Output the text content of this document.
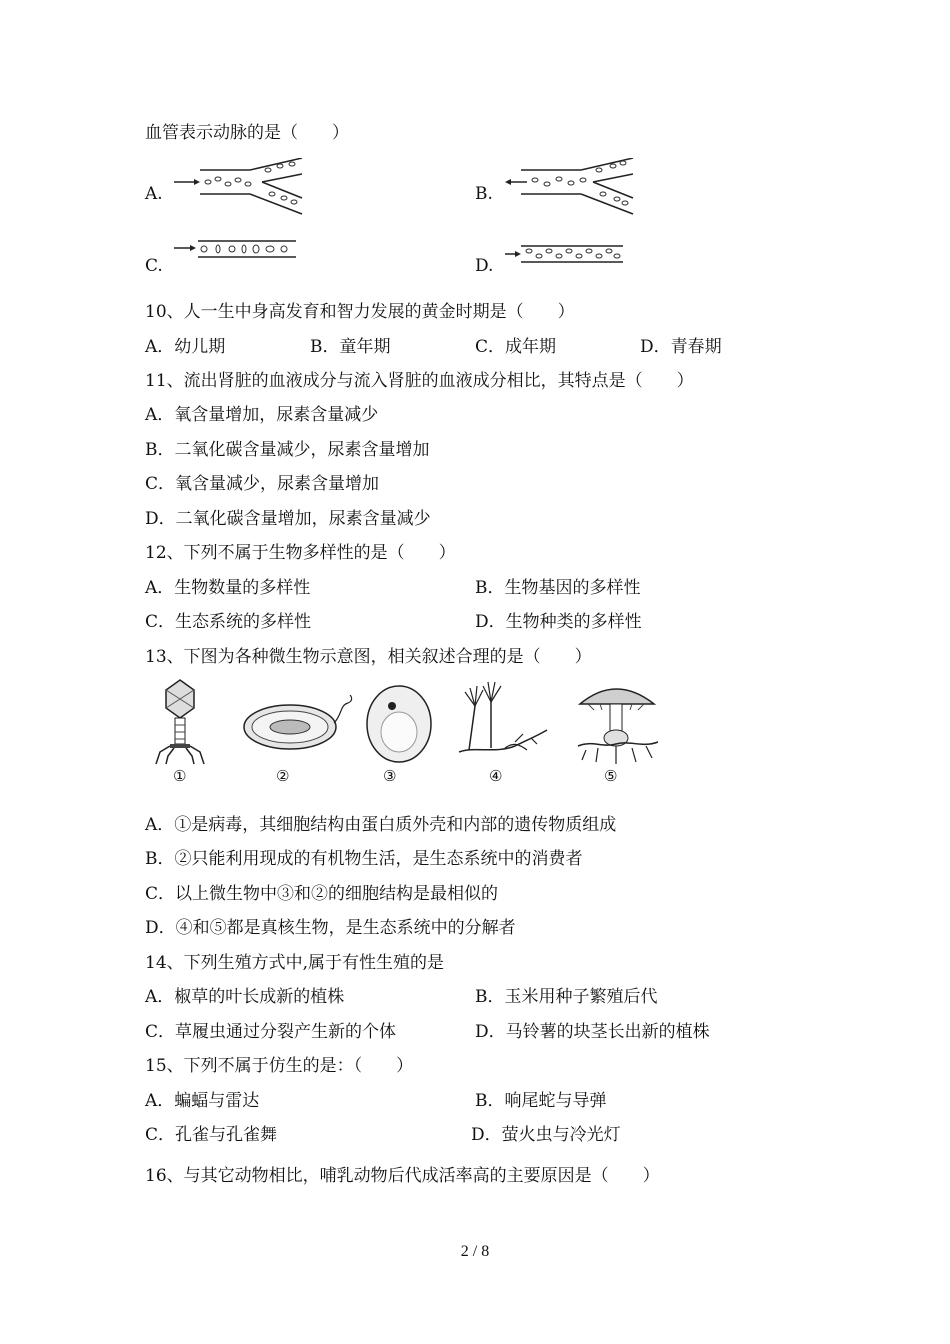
血管表示动脉的是（　　）
A.	B.
C.	D.
10、人一生中身高发育和智力发展的黄金时期是（　　）
A．幼儿期	B．童年期	C．成年期	D．青春期
11、流出肾脏的血液成分与流入肾脏的血液成分相比，其特点是（　　）
A．氧含量增加，尿素含量减少
B．二氧化碳含量减少，尿素含量增加
C．氧含量减少，尿素含量增加
D．二氧化碳含量增加，尿素含量减少
12、下列不属于生物多样性的是（　　）
A．生物数量的多样性	B．生物基因的多样性
C．生态系统的多样性	D．生物种类的多样性
13、下图为各种微生物示意图，相关叙述合理的是（　　）
①	②	③	④	⑤
A．①是病毒，其细胞结构由蛋白质外壳和内部的遗传物质组成
B．②只能利用现成的有机物生活，是生态系统中的消费者
C．以上微生物中③和②的细胞结构是最相似的
D．④和⑤都是真核生物，是生态系统中的分解者
14、下列生殖方式中,属于有性生殖的是
A．椒草的叶长成新的植株	B．玉米用种子繁殖后代
C．草履虫通过分裂产生新的个体	D．马铃薯的块茎长出新的植株
15、下列不属于仿生的是：（　　）
A．蝙蝠与雷达	B．响尾蛇与导弹
C．孔雀与孔雀舞	D．萤火虫与冷光灯
16、与其它动物相比，哺乳动物后代成活率高的主要原因是（　　）
2 / 8
